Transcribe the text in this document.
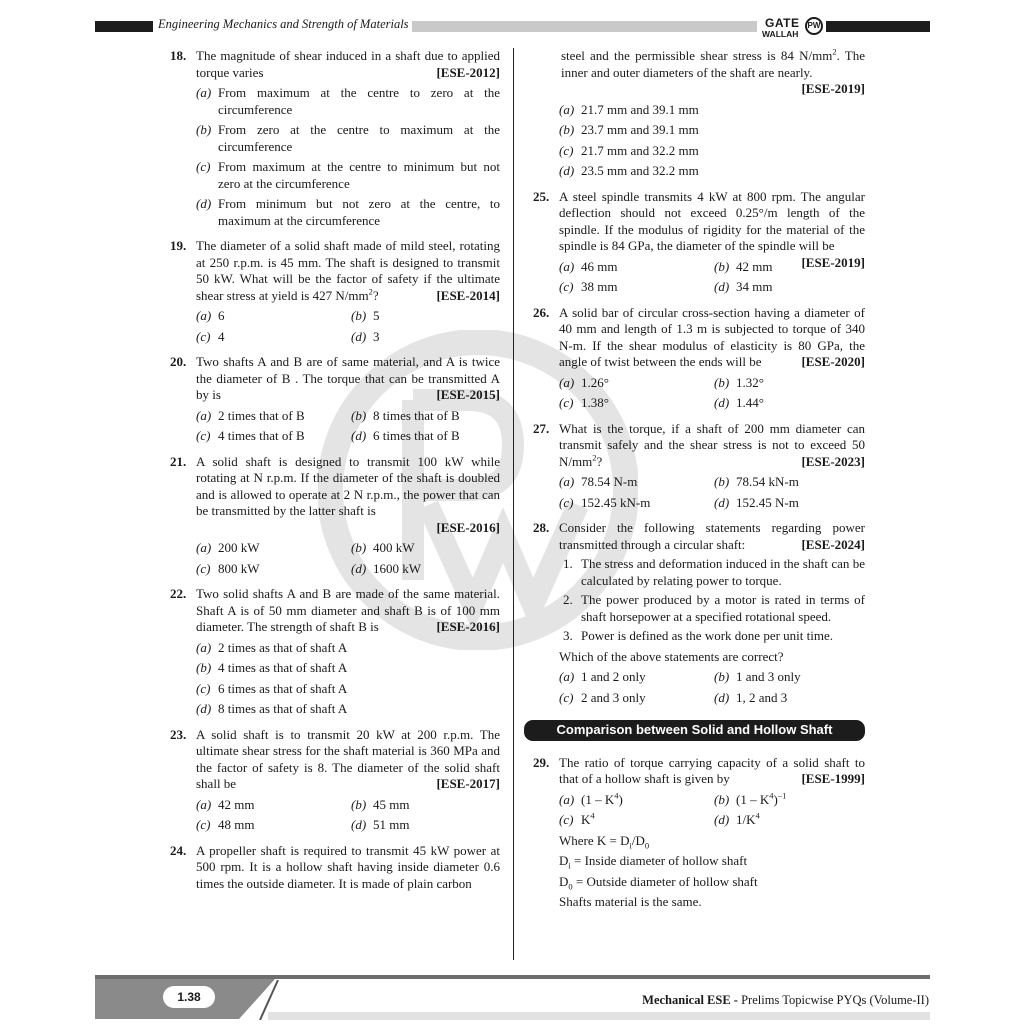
Engineering Mechanics and Strength of Materials	GATE
WALLAH
PW
18. The magnitude of shear induced in a shaft due to applied torque varies	[ESE-2012]
(a) From maximum at the centre to zero at the circumference
(b) From zero at the centre to maximum at the circumference
(c) From maximum at the centre to minimum but not zero at the circumference
(d) From minimum but not zero at the centre, to maximum at the circumference
19. The diameter of a solid shaft made of mild steel, rotating at 250 r.p.m. is 45 mm. The shaft is designed to transmit 50 kW. What will be the factor of safety if the ultimate shear stress at yield is 427 $N/mm^2$?	[ESE-2014]
(a) 6	(b) 5
(c) 4	(d) 3
20. Two shafts A and B are of same material, and A is twice the diameter of B . The torque that can be transmitted A by is	[ESE-2015]
(a) 2 times that of B	(b) 8 times that of B
(c) 4 times that of B	(d) 6 times that of B
21. A solid shaft is designed to transmit 100 kW while rotating at N r.p.m. If the diameter of the shaft is doubled and is allowed to operate at 2 N r.p.m., the power that can be transmitted by the latter shaft is
[ESE-2016]
(a) 200 kW	(b) 400 kW
(c) 800 kW	(d) 1600 kW
22. Two solid shafts A and B are made of the same material. Shaft A is of 50 mm diameter and shaft B is of 100 mm diameter. The strength of shaft B is	[ESE-2016]
(a) 2 times as that of shaft A
(b) 4 times as that of shaft A
(c) 6 times as that of shaft A
(d) 8 times as that of shaft A
23. A solid shaft is to transmit 20 kW at 200 r.p.m. The ultimate shear stress for the shaft material is 360 MPa and the factor of safety is 8. The diameter of the solid shaft shall be	[ESE-2017]
(a) 42 mm	(b) 45 mm
(c) 48 mm	(d) 51 mm
24. A propeller shaft is required to transmit 45 kW power at 500 rpm. It is a hollow shaft having inside diameter 0.6 times the outside diameter. It is made of plain carbon
steel and the permissible shear stress is 84 $N/mm^2$. The inner and outer diameters of the shaft are nearly.
[ESE-2019]
(a) 21.7 mm and 39.1 mm
(b) 23.7 mm and 39.1 mm
(c) 21.7 mm and 32.2 mm
(d) 23.5 mm and 32.2 mm
25. A steel spindle transmits 4 kW at 800 rpm. The angular deflection should not exceed 0.25°/m length of the spindle. If the modulus of rigidity for the material of the spindle is 84 GPa, the diameter of the spindle will be
[ESE-2019]
(a) 46 mm	(b) 42 mm
(c) 38 mm	(d) 34 mm
26. A solid bar of circular cross-section having a diameter of 40 mm and length of 1.3 m is subjected to torque of 340 N-m. If the shear modulus of elasticity is 80 GPa, the angle of twist between the ends will be	[ESE-2020]
(a) 1.26°	(b) 1.32°
(c) 1.38°	(d) 1.44°
27. What is the torque, if a shaft of 200 mm diameter can transmit safely and the shear stress is not to exceed 50 $N/mm^2$?	[ESE-2023]
(a) 78.54 N-m	(b) 78.54 kN-m
(c) 152.45 kN-m	(d) 152.45 N-m
28. Consider the following statements regarding power transmitted through a circular shaft:	[ESE-2024]
1. The stress and deformation induced in the shaft can be calculated by relating power to torque.
2. The power produced by a motor is rated in terms of shaft horsepower at a specified rotational speed.
3. Power is defined as the work done per unit time.
Which of the above statements are correct?
(a) 1 and 2 only	(b) 1 and 3 only
(c) 2 and 3 only	(d) 1, 2 and 3
Comparison between Solid and Hollow Shaft
29. The ratio of torque carrying capacity of a solid shaft to that of a hollow shaft is given by	[ESE-1999]
(a) $(1 - K^4)$	(b) $(1 - K^4)^{-1}$
(c) $K^4$	(d) $1/K^4$
Where $K = D_i/D_0$
$D_i$ = Inside diameter of hollow shaft
$D_0$ = Outside diameter of hollow shaft
Shafts material is the same.
1.38	Mechanical ESE - Prelims Topicwise PYQs (Volume-II)
